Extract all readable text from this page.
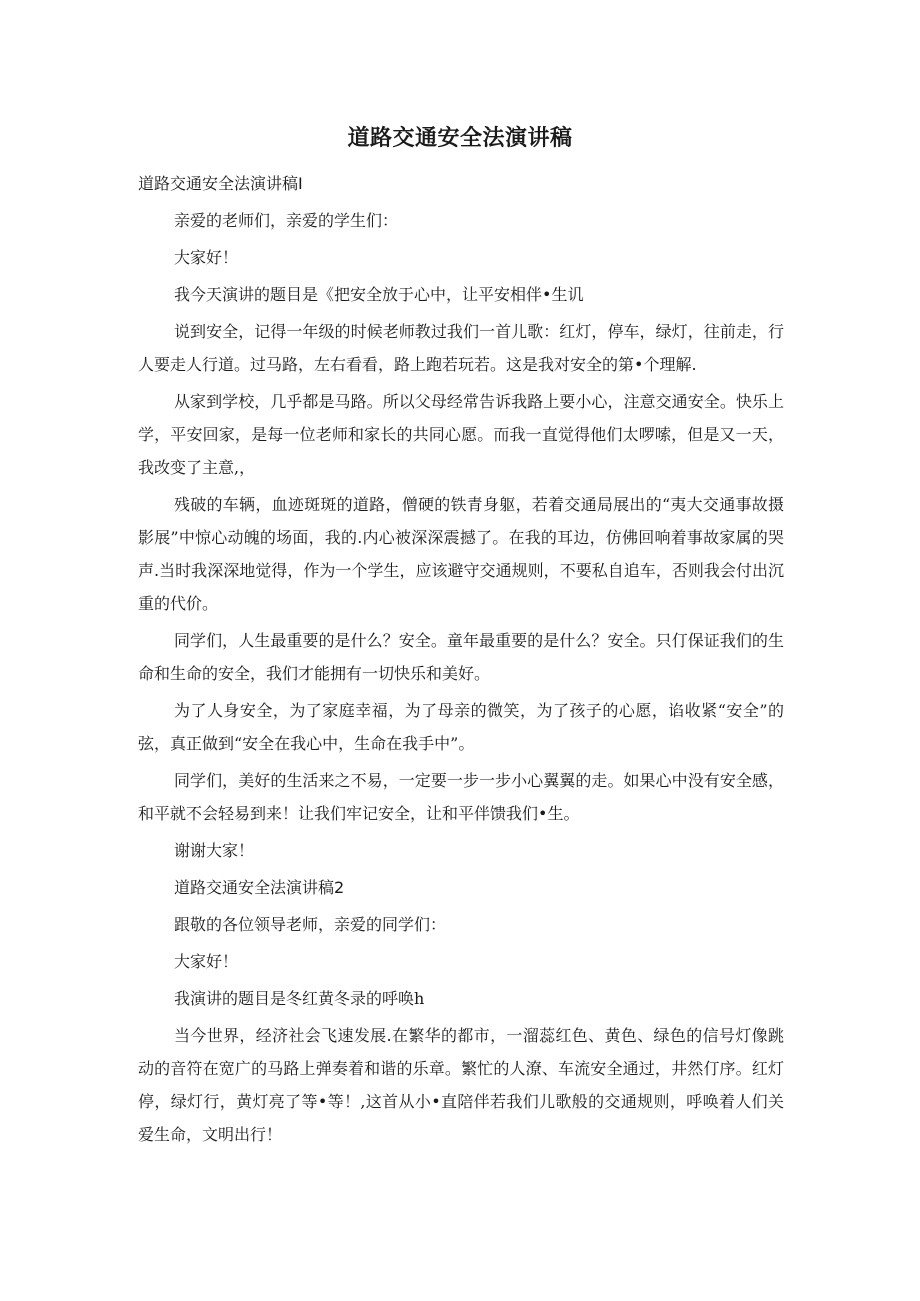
道路交通安全法演讲稿

道路交通安全法演讲稿I

亲爱的老师们，亲爱的学生们：

大家好！

我今天演讲的题目是《把安全放于心中，让平安相伴•生讥

说到安全，记得一年级的时候老师教过我们一首儿歌：红灯，停车，绿灯，往前走，行人要走人行道。过马路，左右看看，路上跑若玩若。这是我对安全的第•个理解.

从家到学校，几乎都是马路。所以父母经常告诉我路上要小心，注意交通安全。快乐上学，平安回家，是每一位老师和家长的共同心愿。而我一直觉得他们太啰嗦，但是又一天，我改变了主意,，

残破的车辆，血迹斑斑的道路，僧硬的铁青身躯，若着交通局展出的“夷大交通事故摄影展”中惊心动魄的场面，我的.内心被深深震撼了。在我的耳边，仿佛回响着事故家属的哭声.当时我深深地觉得，作为一个学生，应该避守交通规则，不要私自追车，否则我会付出沉重的代价。

同学们，人生最重要的是什么？安全。童年最重要的是什么？安全。只仃保证我们的生命和生命的安全，我们才能拥有一切快乐和美好。

为了人身安全，为了家庭幸福，为了母亲的微笑，为了孩子的心愿，谄收紧“安全”的弦，真正做到“安全在我心中，生命在我手中”。

同学们，美好的生活来之不易，一定要一步一步小心翼翼的走。如果心中没有安全感，和平就不会轻易到来！让我们牢记安全，让和平伴馈我们•生。

谢谢大家！

道路交通安全法演讲稿2

跟敬的各位领导老师，亲爱的同学们：

大家好！

我演讲的题目是冬红黄冬录的呼唤h

当今世界，经济社会飞速发展.在繁华的都市，一溜蕊红色、黄色、绿色的信号灯像跳动的音符在宽广的马路上弹奏着和谐的乐章。繁忙的人潦、车流安全通过，井然仃序。红灯停，绿灯行，黄灯亮了等•等！,这首从小•直陪伴若我们儿歌般的交通规则，呼唤着人们关爱生命，文明出行！
